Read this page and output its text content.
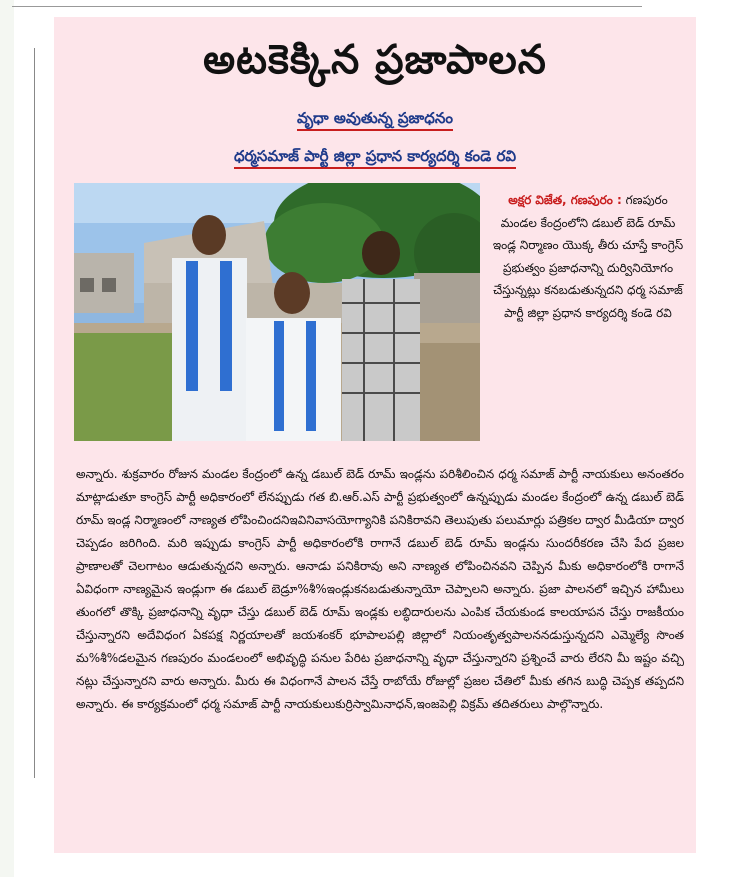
అటకెక్కిన ప్రజాపాలన
వృధా అవుతున్న ప్రజాధనం
ధర్మసమాజ్ పార్టీ జిల్లా ప్రధాన కార్యదర్శి కండె రవి
అక్షర విజేత, గణపురం : గణపురం మండల కేంద్రంలోని డబుల్ బెడ్ రూమ్ ఇండ్ల నిర్మాణం యొక్క తీరు చూస్తే కాంగ్రెస్ ప్రభుత్వం ప్రజాధనాన్ని దుర్వినియోగం చేస్తున్నట్లు కనబడుతున్నదని ధర్మ సమాజ్ పార్టీ జిల్లా ప్రధాన కార్యదర్శి కండె రవి

అన్నారు. శుక్రవారం రోజున మండల కేంద్రంలో ఉన్న డబుల్ బెడ్ రూమ్ ఇండ్లను పరిశీలించిన ధర్మ సమాజ్ పార్టీ నాయకులు అనంతరం మాట్లాడుతూ కాంగ్రెస్ పార్టీ అధికారంలో లేనప్పుడు గత బి.ఆర్.ఎస్ పార్టీ ప్రభుత్వంలో ఉన్నప్పుడు మండల కేంద్రంలో ఉన్న డబుల్ బెడ్ రూమ్ ఇండ్ల నిర్మాణంలో నాణ్యత లోపించిందనిఇవినివాసయోగ్యానికి పనికిరావని తెలుపుతు పలుమార్లు పత్రికల ద్వార మీడియా ద్వార చెప్పడం జరిగింది. మరి ఇప్పుడు కాంగ్రెస్ పార్టీ అధికారంలోకి రాగానే డబుల్ బెడ్ రూమ్ ఇండ్లను సుందరీకరణ చేసి పేద ప్రజల ప్రాణాలతో చెలగాటం ఆడుతున్నదని అన్నారు. ఆనాడు పనికిరావు అని నాణ్యత లోపించినవని చెప్పిన మీకు అధికారంలోకి రాగానే ఏవిధంగా నాణ్యమైన ఇండ్లుగా ఈ డబుల్ బెడ్రూ%శీ%ఇండ్లుకనబడుతున్నాయో చెప్పాలని అన్నారు. ప్రజా పాలనలో ఇచ్చిన హామీలు తుంగలో తొక్కి ప్రజాధనాన్ని వృధా చేస్తు డబుల్ బెడ్ రూమ్ ఇండ్లకు లబ్ధిదారులను ఎంపిక చేయకుండ కాలయాపన చేస్తు రాజకీయం చేస్తున్నారని అదేవిధంగ ఏకపక్ష నిర్ణయాలతో జయశంకర్ భూపాలపల్లి జిల్లాలో నియంతృత్వపాలననడుస్తున్నదని ఎమ్మెల్యే సొంత మ%శీ%డలమైన గణపురం మండలంలో అభివృద్ధి పనుల పేరిట ప్రజాధనాన్ని వృధా చేస్తున్నారని ప్రశ్నించే వారు లేరని మీ ఇష్టం వచ్చి నట్లు చేస్తున్నారని వారు అన్నారు. మీరు ఈ విధంగానే పాలన చేస్తే రాబోయే రోజుల్లో ప్రజల చేతిలో మీకు తగిన బుద్ధి చెప్పక తప్పదని అన్నారు. ఈ కార్యక్రమంలో ధర్మ సమాజ్ పార్టీ నాయకులుకుర్రిస్వామినాధన్,ఇంజపెల్లి విక్రమ్ తదితరులు పాల్గొన్నారు.
